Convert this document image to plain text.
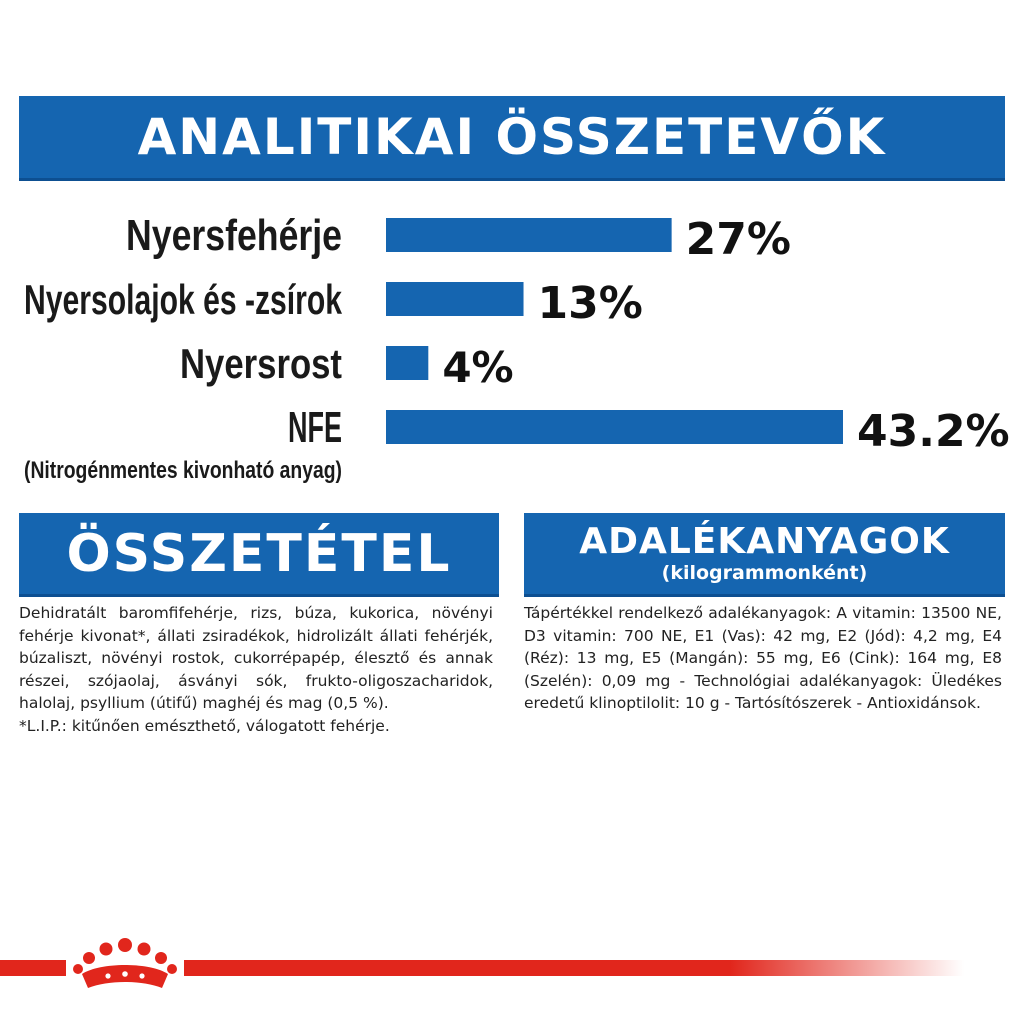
ANALITIKAI ÖSSZETEVŐK
Nyersfehérje	27%
Nyersolajok és -zsírok	13%
Nyersrost 4%
NFE
(Nitrogénmentes kivonható anyag)
43.2%
ÖSSZETÉTEL

Dehidratált baromfifehérje, rizs, búza, kukorica, növényi fehérje kivonat*, állati zsiradékok, hidrolizált állati fehérjék, búzaliszt, növényi rostok, cukorrépapép, élesztő és annak részei, szójaolaj, ásványi sók, frukto-oligoszacharidok, halolaj, psyllium (útifű) maghéj és mag (0,5 %).

*L.I.P.: kitűnően emészthető, válogatott fehérje.

ADALÉKANYAGOK
(kilogrammonként)

Tápértékkel rendelkező adalékanyagok: A vitamin: 13500 NE, D3 vitamin: 700 NE, E1 (Vas): 42 mg, E2 (Jód): 4,2 mg, E4 (Réz): 13 mg, E5 (Mangán): 55 mg, E6 (Cink): 164 mg, E8 (Szelén): 0,09 mg - Technológiai adalékanyagok: Üledékes eredetű klinoptilolit: 10 g - Tartósítószerek - Antioxidánsok.
